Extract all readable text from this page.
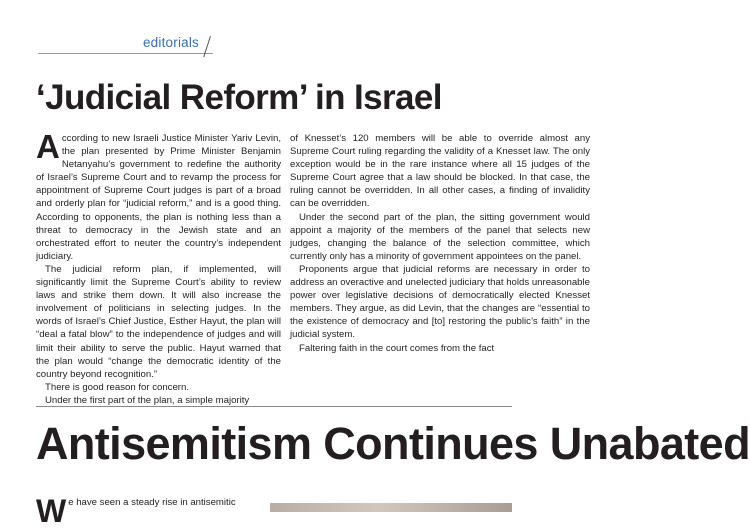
editorials
‘Judicial Reform’ in Israel

According to new Israeli Justice Minister Yariv Levin, the plan presented by Prime Minister Benjamin Netanyahu’s government to redefine the authority of Israel’s Supreme Court and to revamp the process for appointment of Supreme Court judges is part of a broad and orderly plan for “judicial reform,” and is a good thing. According to opponents, the plan is nothing less than a threat to democracy in the Jewish state and an orchestrated effort to neuter the country’s independent judiciary.

The judicial reform plan, if implemented, will significantly limit the Supreme Court’s ability to review laws and strike them down. It will also increase the involvement of politicians in selecting judges. In the words of Israel’s Chief Justice, Esther Hayut, the plan will “deal a fatal blow” to the independence of judges and will limit their ability to serve the public. Hayut warned that the plan would “change the democratic identity of the country beyond recognition.”

There is good reason for concern.

Under the first part of the plan, a simple majority

of Knesset’s 120 members will be able to override almost any Supreme Court ruling regarding the validity of a Knesset law. The only exception would be in the rare instance where all 15 judges of the Supreme Court agree that a law should be blocked. In that case, the ruling cannot be overridden. In all other cases, a finding of invalidity can be overridden.

Under the second part of the plan, the sitting government would appoint a majority of the members of the panel that selects new judges, changing the balance of the selection committee, which currently only has a minority of government appointees on the panel.

Proponents argue that judicial reforms are necessary in order to address an overactive and unelected judiciary that holds unreasonable power over legislative decisions of democratically elected Knesset members. They argue, as did Levin, that the changes are “essential to the existence of democracy and [to] restoring the public’s faith” in the judicial system.

Faltering faith in the court comes from the fact

Antisemitism Continues Unabated
We have seen a steady rise in antisemitic
